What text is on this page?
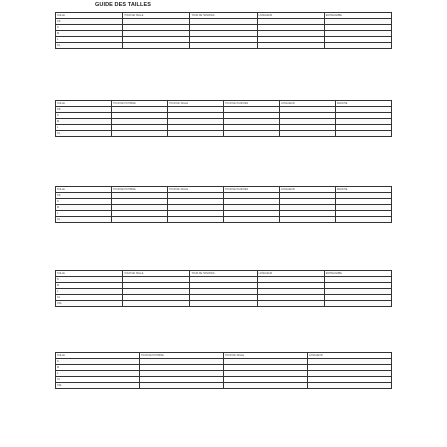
GUIDE DES TAILLES
TAILLE	TOUR DE TAILLE	TOUR DE HANCHES	LONGUEUR	ENTREJAMBE
XS				
S				
M				
L				
XL				
TAILLE	TOUR DE POITRINE	TOUR DE TAILLE	TOUR DE HANCHES	LONGUEUR	MANCHE
XS					
S					
M					
L					
XL					
TAILLE	TOUR DE POITRINE	TOUR DE TAILLE	TOUR DE HANCHES	LONGUEUR	MANCHE
XS					
S					
M					
L					
XL					
TAILLE	TOUR DE TAILLE	TOUR DE HANCHES	LONGUEUR	ENTREJAMBE
S				
M				
L				
XL				
XXL				
TAILLE	TOUR DE POITRINE	TOUR DE TAILLE	LONGUEUR
S			
M			
L			
XL			
XXL			
